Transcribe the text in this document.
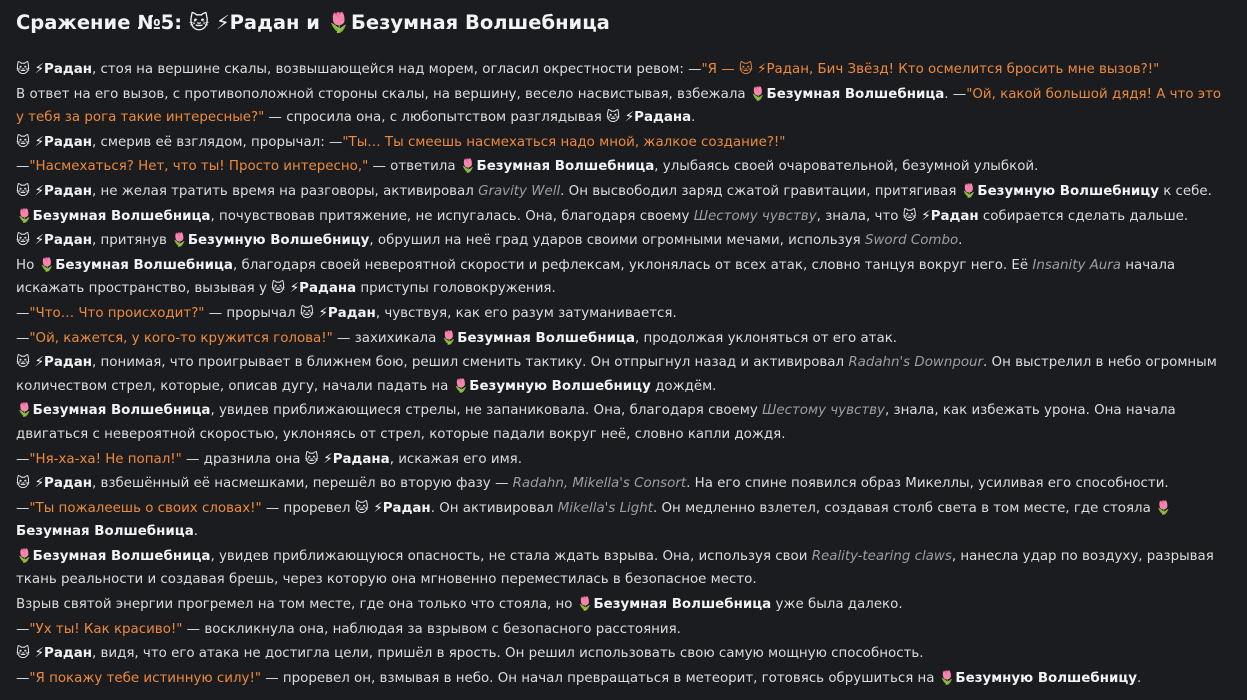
Сражение №5: 🐱 ⚡Радан и 🌷Безумная Волшебница
🐱 ⚡Радан, стоя на вершине скалы, возвышающейся над морем, огласил окрестности ревом: —"Я — 🐱 ⚡Радан, Бич Звёзд! Кто осмелится бросить мне вызов?!"
В ответ на его вызов, с противоположной стороны скалы, на вершину, весело насвистывая, взбежала 🌷Безумная Волшебница. —"Ой, какой большой дядя! А что это у тебя за рога такие интересные?" — спросила она, с любопытством разглядывая 🐱 ⚡Радана.
🐱 ⚡Радан, смерив её взглядом, прорычал: —"Ты… Ты смеешь насмехаться надо мной, жалкое создание?!"
—"Насмехаться? Нет, что ты! Просто интересно," — ответила 🌷Безумная Волшебница, улыбаясь своей очаровательной, безумной улыбкой.
🐱 ⚡Радан, не желая тратить время на разговоры, активировал Gravity Well. Он высвободил заряд сжатой гравитации, притягивая 🌷Безумную Волшебницу к себе.
🌷Безумная Волшебница, почувствовав притяжение, не испугалась. Она, благодаря своему Шестому чувству, знала, что 🐱 ⚡Радан собирается сделать дальше.
🐱 ⚡Радан, притянув 🌷Безумную Волшебницу, обрушил на неё град ударов своими огромными мечами, используя Sword Combo.
Но 🌷Безумная Волшебница, благодаря своей невероятной скорости и рефлексам, уклонялась от всех атак, словно танцуя вокруг него. Её Insanity Aura начала искажать пространство, вызывая у 🐱 ⚡Радана приступы головокружения.
—"Что… Что происходит?" — прорычал 🐱 ⚡Радан, чувствуя, как его разум затуманивается.
—"Ой, кажется, у кого-то кружится голова!" — захихикала 🌷Безумная Волшебница, продолжая уклоняться от его атак.
🐱 ⚡Радан, понимая, что проигрывает в ближнем бою, решил сменить тактику. Он отпрыгнул назад и активировал Radahn's Downpour. Он выстрелил в небо огромным количеством стрел, которые, описав дугу, начали падать на 🌷Безумную Волшебницу дождём.
🌷Безумная Волшебница, увидев приближающиеся стрелы, не запаниковала. Она, благодаря своему Шестому чувству, знала, как избежать урона. Она начала двигаться с невероятной скоростью, уклоняясь от стрел, которые падали вокруг неё, словно капли дождя.
—"Ня-ха-ха! Не попал!" — дразнила она 🐱 ⚡Радана, искажая его имя.
🐱 ⚡Радан, взбешённый её насмешками, перешёл во вторую фазу — Radahn, Mikella's Consort. На его спине появился образ Микеллы, усиливая его способности.
—"Ты пожалеешь о своих словах!" — проревел 🐱 ⚡Радан. Он активировал Mikella's Light. Он медленно взлетел, создавая столб света в том месте, где стояла 🌷Безумная Волшебница.
🌷Безумная Волшебница, увидев приближающуюся опасность, не стала ждать взрыва. Она, используя свои Reality-tearing claws, нанесла удар по воздуху, разрывая ткань реальности и создавая брешь, через которую она мгновенно переместилась в безопасное место.
Взрыв святой энергии прогремел на том месте, где она только что стояла, но 🌷Безумная Волшебница уже была далеко.
—"Ух ты! Как красиво!" — воскликнула она, наблюдая за взрывом с безопасного расстояния.
🐱 ⚡Радан, видя, что его атака не достигла цели, пришёл в ярость. Он решил использовать свою самую мощную способность.
—"Я покажу тебе истинную силу!" — проревел он, взмывая в небо. Он начал превращаться в метеорит, готовясь обрушиться на 🌷Безумную Волшебницу.
